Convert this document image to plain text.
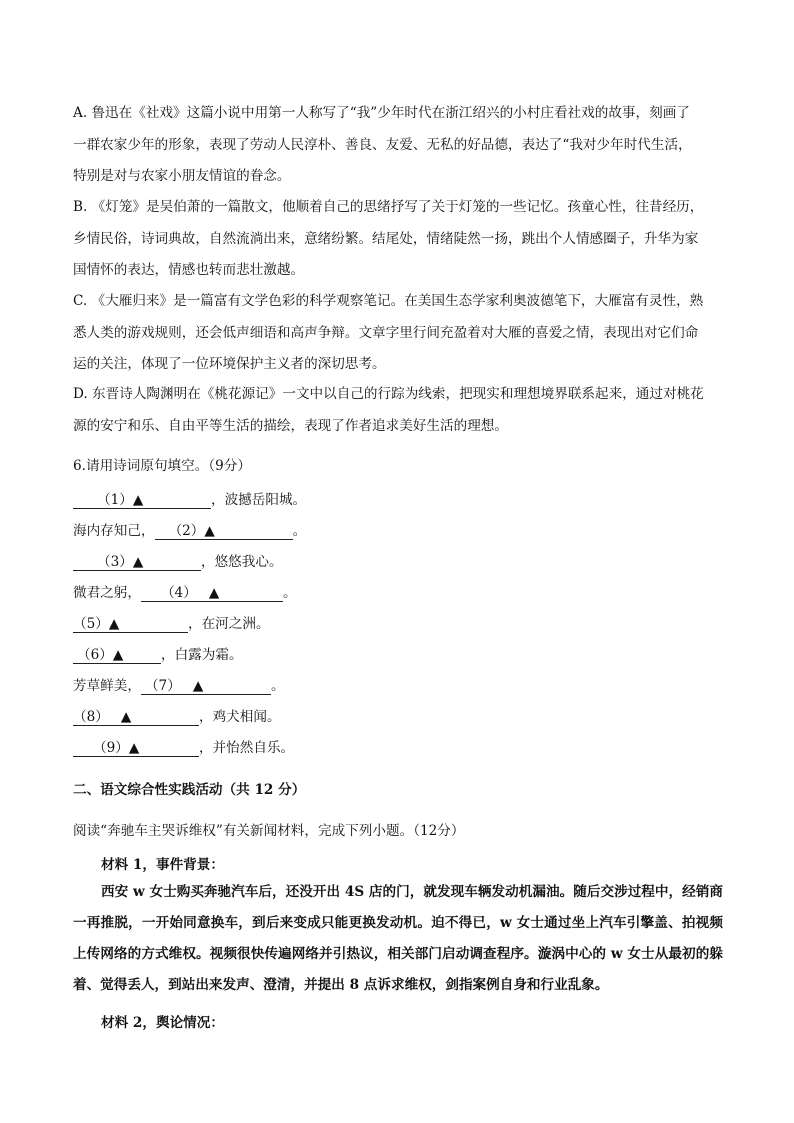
A. 鲁迅在《社戏》这篇小说中用第一人称写了“我”少年时代在浙江绍兴的小村庄看社戏的故事，刻画了

一群农家少年的形象，表现了劳动人民淳朴、善良、友爱、无私的好品德，表达了“我对少年时代生活，

特别是对与农家小朋友情谊的眷念。

B. 《灯笼》是吴伯萧的一篇散文，他顺着自己的思绪抒写了关于灯笼的一些记忆。孩童心性，往昔经历，

乡情民俗，诗词典故，自然流淌出来，意绪纷繁。结尾处，情绪陡然一扬，跳出个人情感圈子，升华为家

国情怀的表达，情感也转而悲壮激越。

C. 《大雁归来》是一篇富有文学色彩的科学观察笔记。在美国生态学家利奥波德笔下，大雁富有灵性，熟

悉人类的游戏规则，还会低声细语和高声争辩。文章字里行间充盈着对大雁的喜爱之情，表现出对它们命

运的关注，体现了一位环境保护主义者的深切思考。

D. 东晋诗人陶渊明在《桃花源记》一文中以自己的行踪为线索，把现实和理想境界联系起来，通过对桃花

源的安宁和乐、自由平等生活的描绘，表现了作者追求美好生活的理想。

6.请用诗词原句填空。（9分）
（1）▲	，波撼岳阳城。
海内存知己， （2）▲	。
（3）▲	，悠悠我心。
微君之躬， （4） ▲	。
（5）▲	，在河之洲。
（6）▲	，白露为霜。
芳草鲜美， （7） ▲	。
（8） ▲	，鸡犬相闻。
（9）▲	，并怡然自乐。
二、语文综合性实践活动（共 12 分）
阅读“奔驰车主哭诉维权”有关新闻材料，完成下列小题。（12分）
材料 1，事件背景：

西安 w 女士购买奔驰汽车后，还没开出 4S 店的门，就发现车辆发动机漏油。随后交涉过程中，经销商一再推脱，一开始同意换车，到后来变成只能更换发动机。迫不得已，w 女士通过坐上汽车引擎盖、拍视频上传网络的方式维权。视频很快传遍网络并引热议，相关部门启动调查程序。漩涡中心的 w 女士从最初的躲着、觉得丢人，到站出来发声、澄清，并提出 8 点诉求维权，剑指案例自身和行业乱象。

材料 2，舆论情况：
